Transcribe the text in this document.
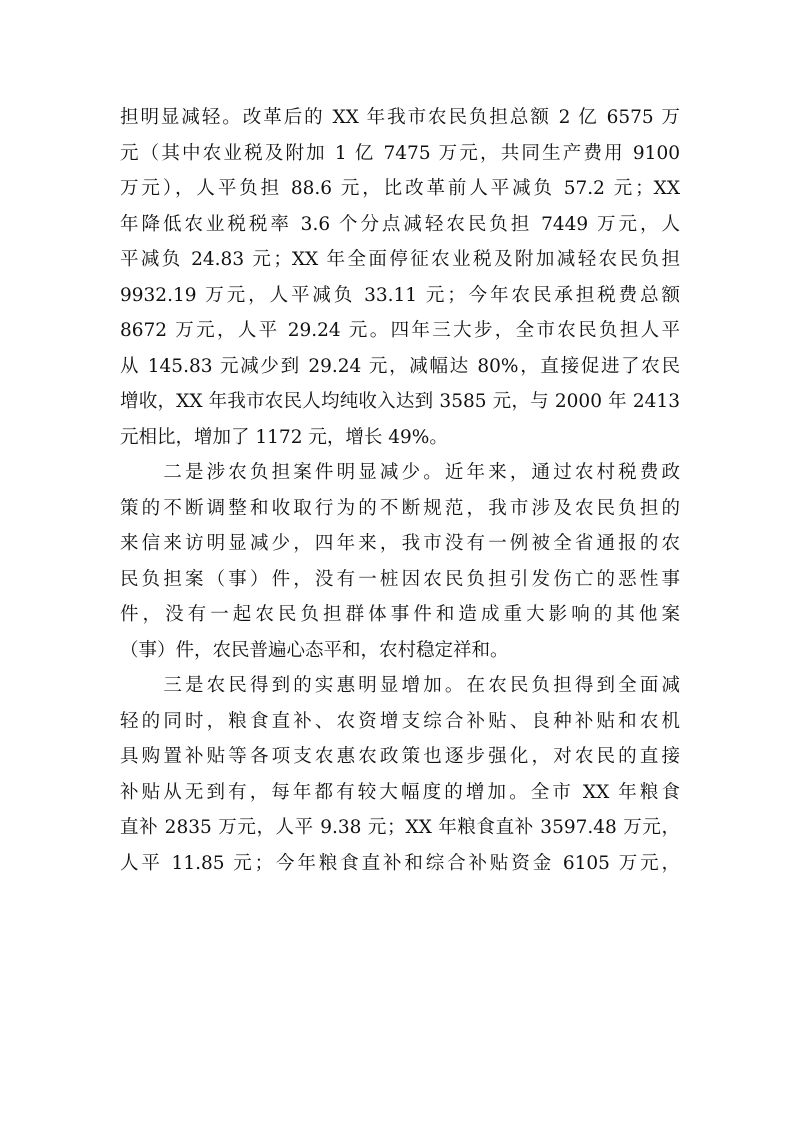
担明显减轻。改革后的 XX 年我市农民负担总额 2 亿 6575 万
元（其中农业税及附加 1 亿 7475 万元，共同生产费用 9100
万元），人平负担 88.6 元，比改革前人平减负 57.2 元；XX
年降低农业税税率 3.6 个分点减轻农民负担 7449 万元，人
平减负 24.83 元；XX 年全面停征农业税及附加减轻农民负担
9932.19 万元，人平减负 33.11 元；今年农民承担税费总额
8672 万元，人平 29.24 元。四年三大步，全市农民负担人平
从 145.83 元减少到 29.24 元，减幅达 80%，直接促进了农民
增收，XX 年我市农民人均纯收入达到 3585 元，与 2000 年 2413
元相比，增加了 1172 元，增长 49%。
　　二是涉农负担案件明显减少。近年来，通过农村税费政
策的不断调整和收取行为的不断规范，我市涉及农民负担的
来信来访明显减少，四年来，我市没有一例被全省通报的农
民负担案（事）件，没有一桩因农民负担引发伤亡的恶性事
件，没有一起农民负担群体事件和造成重大影响的其他案
（事）件，农民普遍心态平和，农村稳定祥和。
　　三是农民得到的实惠明显增加。在农民负担得到全面减
轻的同时，粮食直补、农资增支综合补贴、良种补贴和农机
具购置补贴等各项支农惠农政策也逐步强化，对农民的直接
补贴从无到有，每年都有较大幅度的增加。全市 XX 年粮食
直补 2835 万元，人平 9.38 元；XX 年粮食直补 3597.48 万元，
人平 11.85 元；今年粮食直补和综合补贴资金 6105 万元，
